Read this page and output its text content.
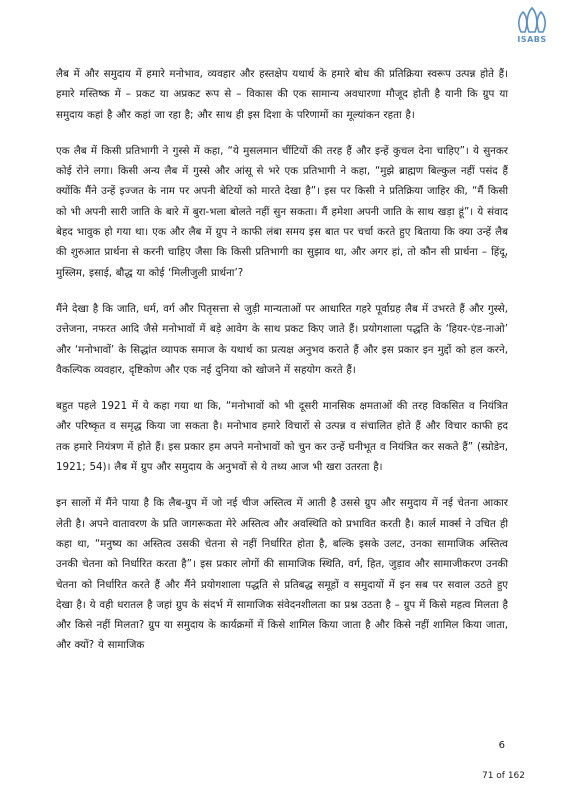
ISABS

लैब में और समुदाय में हमारे मनोभाव, व्यवहार और हस्तक्षेप यथार्थ के हमारे बोध की प्रतिक्रिया स्वरूप उत्पन्न होते हैं। हमारे मस्तिष्क में – प्रकट या अप्रकट रूप से – विकास की एक सामान्य अवधारणा मौजूद होती है यानी कि ग्रुप या समुदाय कहां है और कहां जा रहा है; और साथ ही इस दिशा के परिणामों का मूल्यांकन रहता है।

एक लैब में किसी प्रतिभागी ने गुस्से में कहा, “ये मुसलमान चींटियों की तरह हैं और इन्हें कुचल देना चाहिए”। ये सुनकर कोई रोने लगा। किसी अन्य लैब में गुस्से और आंसू से भरे एक प्रतिभागी ने कहा, “मुझे ब्राह्मण बिल्कुल नहीं पसंद हैं क्योंकि मैंने उन्हें इज्जत के नाम पर अपनी बेटियों को मारते देखा है”। इस पर किसी ने प्रतिक्रिया जाहिर की, “मैं किसी को भी अपनी सारी जाति के बारे में बुरा-भला बोलते नहीं सुन सकता। मैं हमेशा अपनी जाति के साथ खड़ा हूं”। ये संवाद बेहद भावुक हो गया था। एक और लैब में ग्रुप ने काफी लंबा समय इस बात पर चर्चा करते हुए बिताया कि क्या उन्हें लैब की शुरुआत प्रार्थना से करनी चाहिए जैसा कि किसी प्रतिभागी का सुझाव था, और अगर हां, तो कौन सी प्रार्थना – हिंदू, मुस्लिम, इसाई, बौद्ध या कोई ‘मिलीजुली प्रार्थना’?

मैंने देखा है कि जाति, धर्म, वर्ग और पितृसत्ता से जुड़ी मान्यताओं पर आधारित गहरे पूर्वाग्रह लैब में उभरते हैं और गुस्से, उत्तेजना, नफरत आदि जैसे मनोभावों में बड़े आवेग के साथ प्रकट किए जाते हैं। प्रयोगशाला पद्धति के ‘हियर-एंड-नाओ’ और ‘मनोभावों’ के सिद्धांत व्यापक समाज के यथार्थ का प्रत्यक्ष अनुभव कराते हैं और इस प्रकार इन मुद्दों को हल करने, वैकल्पिक व्यवहार, दृष्टिकोण और एक नई दुनिया को खोजने में सहयोग करते हैं।

बहुत पहले 1921 में ये कहा गया था कि, “मनोभावों को भी दूसरी मानसिक क्षमताओं की तरह विकसित व नियंत्रित और परिष्कृत व समृद्ध किया जा सकता है। मनोभाव हमारे विचारों से उत्पन्न व संचालित होते हैं और विचार काफी हद तक हमारे नियंत्रण में होते हैं। इस प्रकार हम अपने मनोभावों को चुन कर उन्हें घनीभूत व नियंत्रित कर सकते हैं” (स्प्रोडेन, 1921; 54)। लैब में ग्रुप और समुदाय के अनुभवों से ये तथ्य आज भी खरा उतरता है।

इन सालों में मैंने पाया है कि लैब-ग्रुप में जो नई चीज अस्तित्व में आती है उससे ग्रुप और समुदाय में नई चेतना आकार लेती है। अपने वातावरण के प्रति जागरूकता मेरे अस्तित्व और अवस्थिति को प्रभावित करती है। कार्ल मार्क्स ने उचित ही कहा था, “मनुष्य का अस्तित्व उसकी चेतना से नहीं निर्धारित होता है, बल्कि इसके उलट, उनका सामाजिक अस्तित्व उनकी चेतना को निर्धारित करता है”। इस प्रकार लोगों की सामाजिक स्थिति, वर्ग, हित, जुड़ाव और सामाजीकरण उनकी चेतना को निर्धारित करते हैं और मैंने प्रयोगशाला पद्धति से प्रतिबद्ध समूहों व समुदायों में इन सब पर सवाल उठते हुए देखा है। ये वही धरातल है जहां ग्रुप के संदर्भ में सामाजिक संवेदनशीलता का प्रश्न उठता है – ग्रुप में किसे महत्व मिलता है और किसे नहीं मिलता? ग्रुप या समुदाय के कार्यक्रमों में किसे शामिल किया जाता है और किसे नहीं शामिल किया जाता, और क्यों? ये सामाजिक

6
71 of 162
